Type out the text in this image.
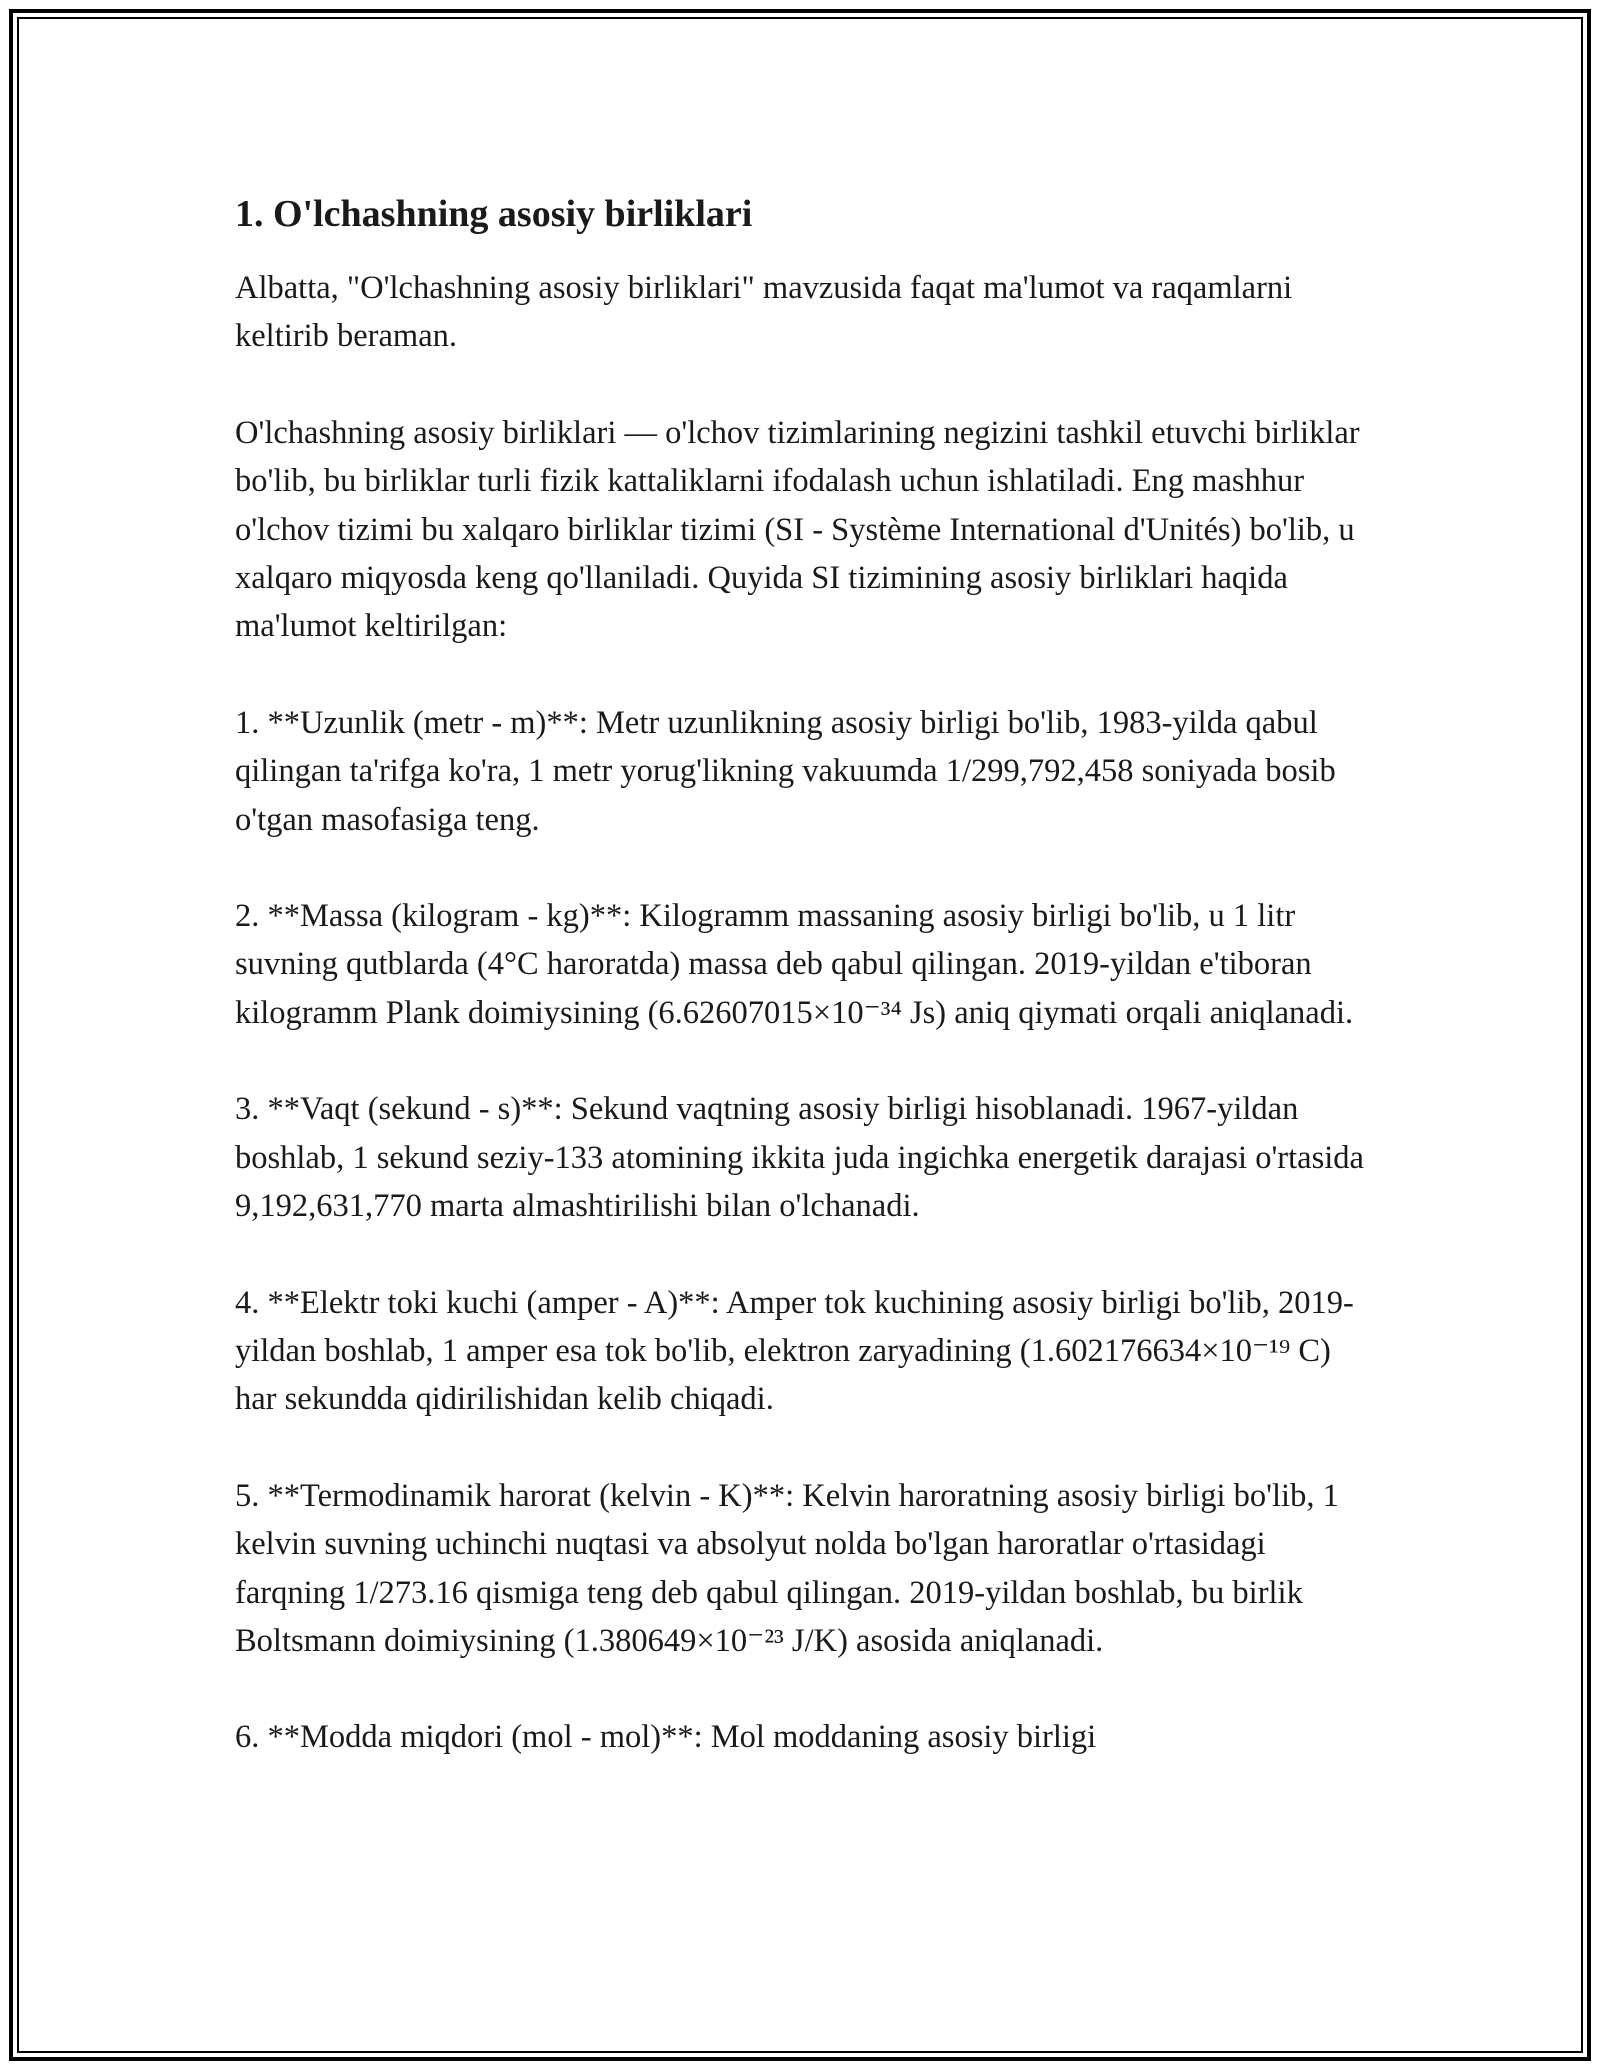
1. O'lchashning asosiy birliklari

Albatta, "O'lchashning asosiy birliklari" mavzusida faqat ma'lumot va raqamlarni keltirib beraman.

O'lchashning asosiy birliklari — o'lchov tizimlarining negizini tashkil etuvchi birliklar bo'lib, bu birliklar turli fizik kattaliklarni ifodalash uchun ishlatiladi. Eng mashhur o'lchov tizimi bu xalqaro birliklar tizimi (SI - Système International d'Unités) bo'lib, u xalqaro miqyosda keng qo'llaniladi. Quyida SI tizimining asosiy birliklari haqida ma'lumot keltirilgan:

1. **Uzunlik (metr - m)**: Metr uzunlikning asosiy birligi bo'lib, 1983-yilda qabul qilingan ta'rifga ko'ra, 1 metr yorug'likning vakuumda 1/299,792,458 soniyada bosib o'tgan masofasiga teng.

2. **Massa (kilogram - kg)**: Kilogramm massaning asosiy birligi bo'lib, u 1 litr suvning qutblarda (4°C haroratda) massa deb qabul qilingan. 2019-yildan e'tiboran kilogramm Plank doimiysining (6.62607015×10⁻³⁴ Js) aniq qiymati orqali aniqlanadi.

3. **Vaqt (sekund - s)**: Sekund vaqtning asosiy birligi hisoblanadi. 1967-yildan boshlab, 1 sekund seziy-133 atomining ikkita juda ingichka energetik darajasi o'rtasida 9,192,631,770 marta almashtirilishi bilan o'lchanadi.

4. **Elektr toki kuchi (amper - A)**: Amper tok kuchining asosiy birligi bo'lib, 2019-yildan boshlab, 1 amper esa tok bo'lib, elektron zaryadining (1.602176634×10⁻¹⁹ C) har sekundda qidirilishidan kelib chiqadi.

5. **Termodinamik harorat (kelvin - K)**: Kelvin haroratning asosiy birligi bo'lib, 1 kelvin suvning uchinchi nuqtasi va absolyut nolda bo'lgan haroratlar o'rtasidagi farqning 1/273.16 qismiga teng deb qabul qilingan. 2019-yildan boshlab, bu birlik Boltsmann doimiysining (1.380649×10⁻²³ J/K) asosida aniqlanadi.

6. **Modda miqdori (mol - mol)**: Mol moddaning asosiy birligi
